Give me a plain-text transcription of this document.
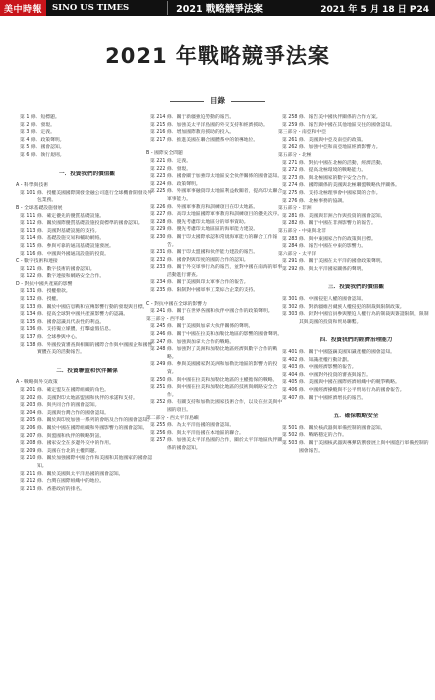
美中時報	SINO US TIMES	2021 戰略競爭法案	2021 年 5 月 18 日 P24
2021 年戰略競爭法案
目錄
第 1 條．短標題。
第 2 條．發現。
第 3 條．定義。
第 4 條．政策聲明。
第 5 條．國會認知。
第 6 條．執行規則。
一．投資我們的價值觀
A - 科學與技術
第 101 條．授權美國國際開發金融公司進行全球機會開發及外包業務。
B - 全球基礎設施發展
第 111 條．確定優先的優質基礎設施。
第 112 條．關於國際優質基礎設施投資標準的國會認知。
第 113 條．美國對基礎設施的支持。
第 114 條．基礎設施交易和輔助網絡。
第 115 條．參與可靠的通訊基礎設施發展。
第 116 條．中國與外國通訊設施的投資。
C - 數字技術和連接
第 121 條．數字技術的國會認知。
第 122 條．數字連接和網路安全合作。
D - 對抗中國共產黨的影響
第 131 條．授權撥款。
第 132 條．授權。
第 133 條．關於中國信息戰和宣傳影響行動的發現與目標。
第 134 條．提高全球對中國共產黨影響力的認識。
第 135 條．國會認識具代表性的利益。
第 136 條．支持獨立媒體，打擊虛假信息。
第 137 條．全球參與中心。
第 138 條．外國投資審查與相關的國際合作與中國國企和國營實體在美的活動報告。
二．投資聯盟和伙伴關係
A - 戰略與外交政策
第 201 條．確定盟友在國際組織的角色。
第 202 條．美國對印太地區盟國和伙伴的承諾和支持。
第 203 條．與共同合作的國會認知。
第 204 條．美國與台灣合作的國會認知。
第 205 條．關於與印度加強一系列的會晤及合作的國會認知。
第 206 條．關於中國在國際組織和外國影響力的國會認知。
第 207 條．與盟國和伙伴的戰略對話。
第 208 條．國家安全在多邊外交中的作用。
第 209 條．美國在台北的主權問題。
第 210 條．關於加強國際中國合作和美國和其他國家的國會認知。
第 211 條．關於美國與太平洋島國的國會認知。
第 212 條．台灣在國際組織中的地位。
第 213 條．香港政府的排名。
第 214 條．關于新疆強迫勞動的報告。
第 215 條．加強美太平洋島國的外交支持和經濟援助。
第 216 條．增加國際教育援助的投入。
第 217 條．推進美國在聯合國體系中的領導地位。
B - 國際安全問題
第 221 條．定義。
第 222 條．發現。
第 223 條．國會關于加強印太地區安全伙伴關係的國會認知。
第 224 條．政策聲明。
第 225 條．外國軍事融資印太地區利益攸關者，提高印太聯合軍事能力。
第 226 條．外國軍事教育和訓練項目在印太地區。
第 227 條．高印太地區國際軍事教育和訓練項目的優先次序。
第 228 條．優先考慮印太地區分的軍事資助。
第 229 條．優先考慮印太地區區的海軍能力建設。
第 230 條．關于印太國際承認和常規海軍能力的聯合工作報告。
第 231 條．關于印太盟國和伙伴能力建設的報告。
第 232 條．國會對與印度的國防合作的認知。
第 233 條．關于外交軍事行為的報告，並對中國在南海的軍事活動進行審查。
第 234 條．關于美國與印太軍事合作的報告。
第 235 條．限制對中國軍事工業綜合企業的支持。
C - 對抗中國在全球的影響力
第 241 條．關于在世界各國和伙伴中國合作的政策聲明。
第三部分 - 西半球
第 245 條．關于美國與加拿大伙伴關係的聲明。
第 246 條．關于中國在拉美和加勒比地區的影響的國會聲明。
第 247 條．加強與加拿大合作的戰略。
第 248 條．加強對了美洲和加勒比地區經濟與數字合作的戰略。
第 249 條．參與美國國家對美洲和加勒比地區的影響力的投資。
第 250 條．與中國在拉美和加勒比地區的主權擔保的戰略。
第 251 條．與中國在拉美和加勒比地區的技術與網路安全合作。
第 252 條．有關支持和加勒比國家技術合作，以及在拉美與中國的項目。
第二部分 - 西太平洋島嶼
第 255 條．為太平洋島國的國會認知。
第 256 條．與太平洋島國在本地區的聯合。
第 257 條．加強美太平洋島國的合作，關於太平洋地區伙伴關係的國會認知。
第 258 條．報告美中國伙伴關係的合作方案。
第 259 條．報告與中國在其他地區交往的國會認知。
第三部分 - 南亞和中亞
第 261 條．美國與中亞及南亞的政策。
第 262 條．加強中亞和南亞地區經濟影響力。
第五部分 - 北極
第 271 條．對抗中國在北極的活動，經濟活動。
第 272 條．提高北極環境的戰略能力。
第 273 條．與北極國家的數字安全合作。
第 274 條．國際關係的美國與北極聯盟戰略伙伴關係。
第 275 條．支持北極理事會中國家間的合作。
第 276 條．北極事務的協調。
第五部分 - 非洲
第 281 條．美國與非洲合作與投資的國會認知。
第 282 條．關于中國在非洲影響力的報告。
第五部分 - 中東與北非
第 283 條．與中東國家合作的政策與目標。
第 284 條．報告中國在中東的影響力。
第六部分 - 太平洋
第 291 條．關于美國在太平洋的國會政策聲明。
第 292 條．與太平洋國家關係的聲明。
三．投資我們的價值觀
第 301 條．中國侵犯人權的國會認知。
第 302 條．對新疆維吾爾族人權侵犯的制裁與限制政策。
第 303 條．針對中國官員參與壓迫人權行為的制裁與簽證限制，限制其與美國的投資和貿易聯繫。
四．投資我們的經濟治理能力
第 401 條．關于中國盜竊美國知識產權的國會認知。
第 402 條．知識產權行動計劃。
第 403 條．中國經濟影響的報告。
第 404 條．中國對外投資的審查與報告。
第 405 條．美國與中國在國際經濟組織中的競爭戰略。
第 406 條．中國經濟操縱與不公平貿易行為的國會報告。
第 407 條．關于中國經濟增長的報告。
五．確保戰略安全
第 501 條．關於核武器與軍備控制的國會認知。
第 502 條．戰略穩定的合作。
第 503 條．關于美國核武器與導彈防禦發展上與中國進行軍備控制的國會報告。
